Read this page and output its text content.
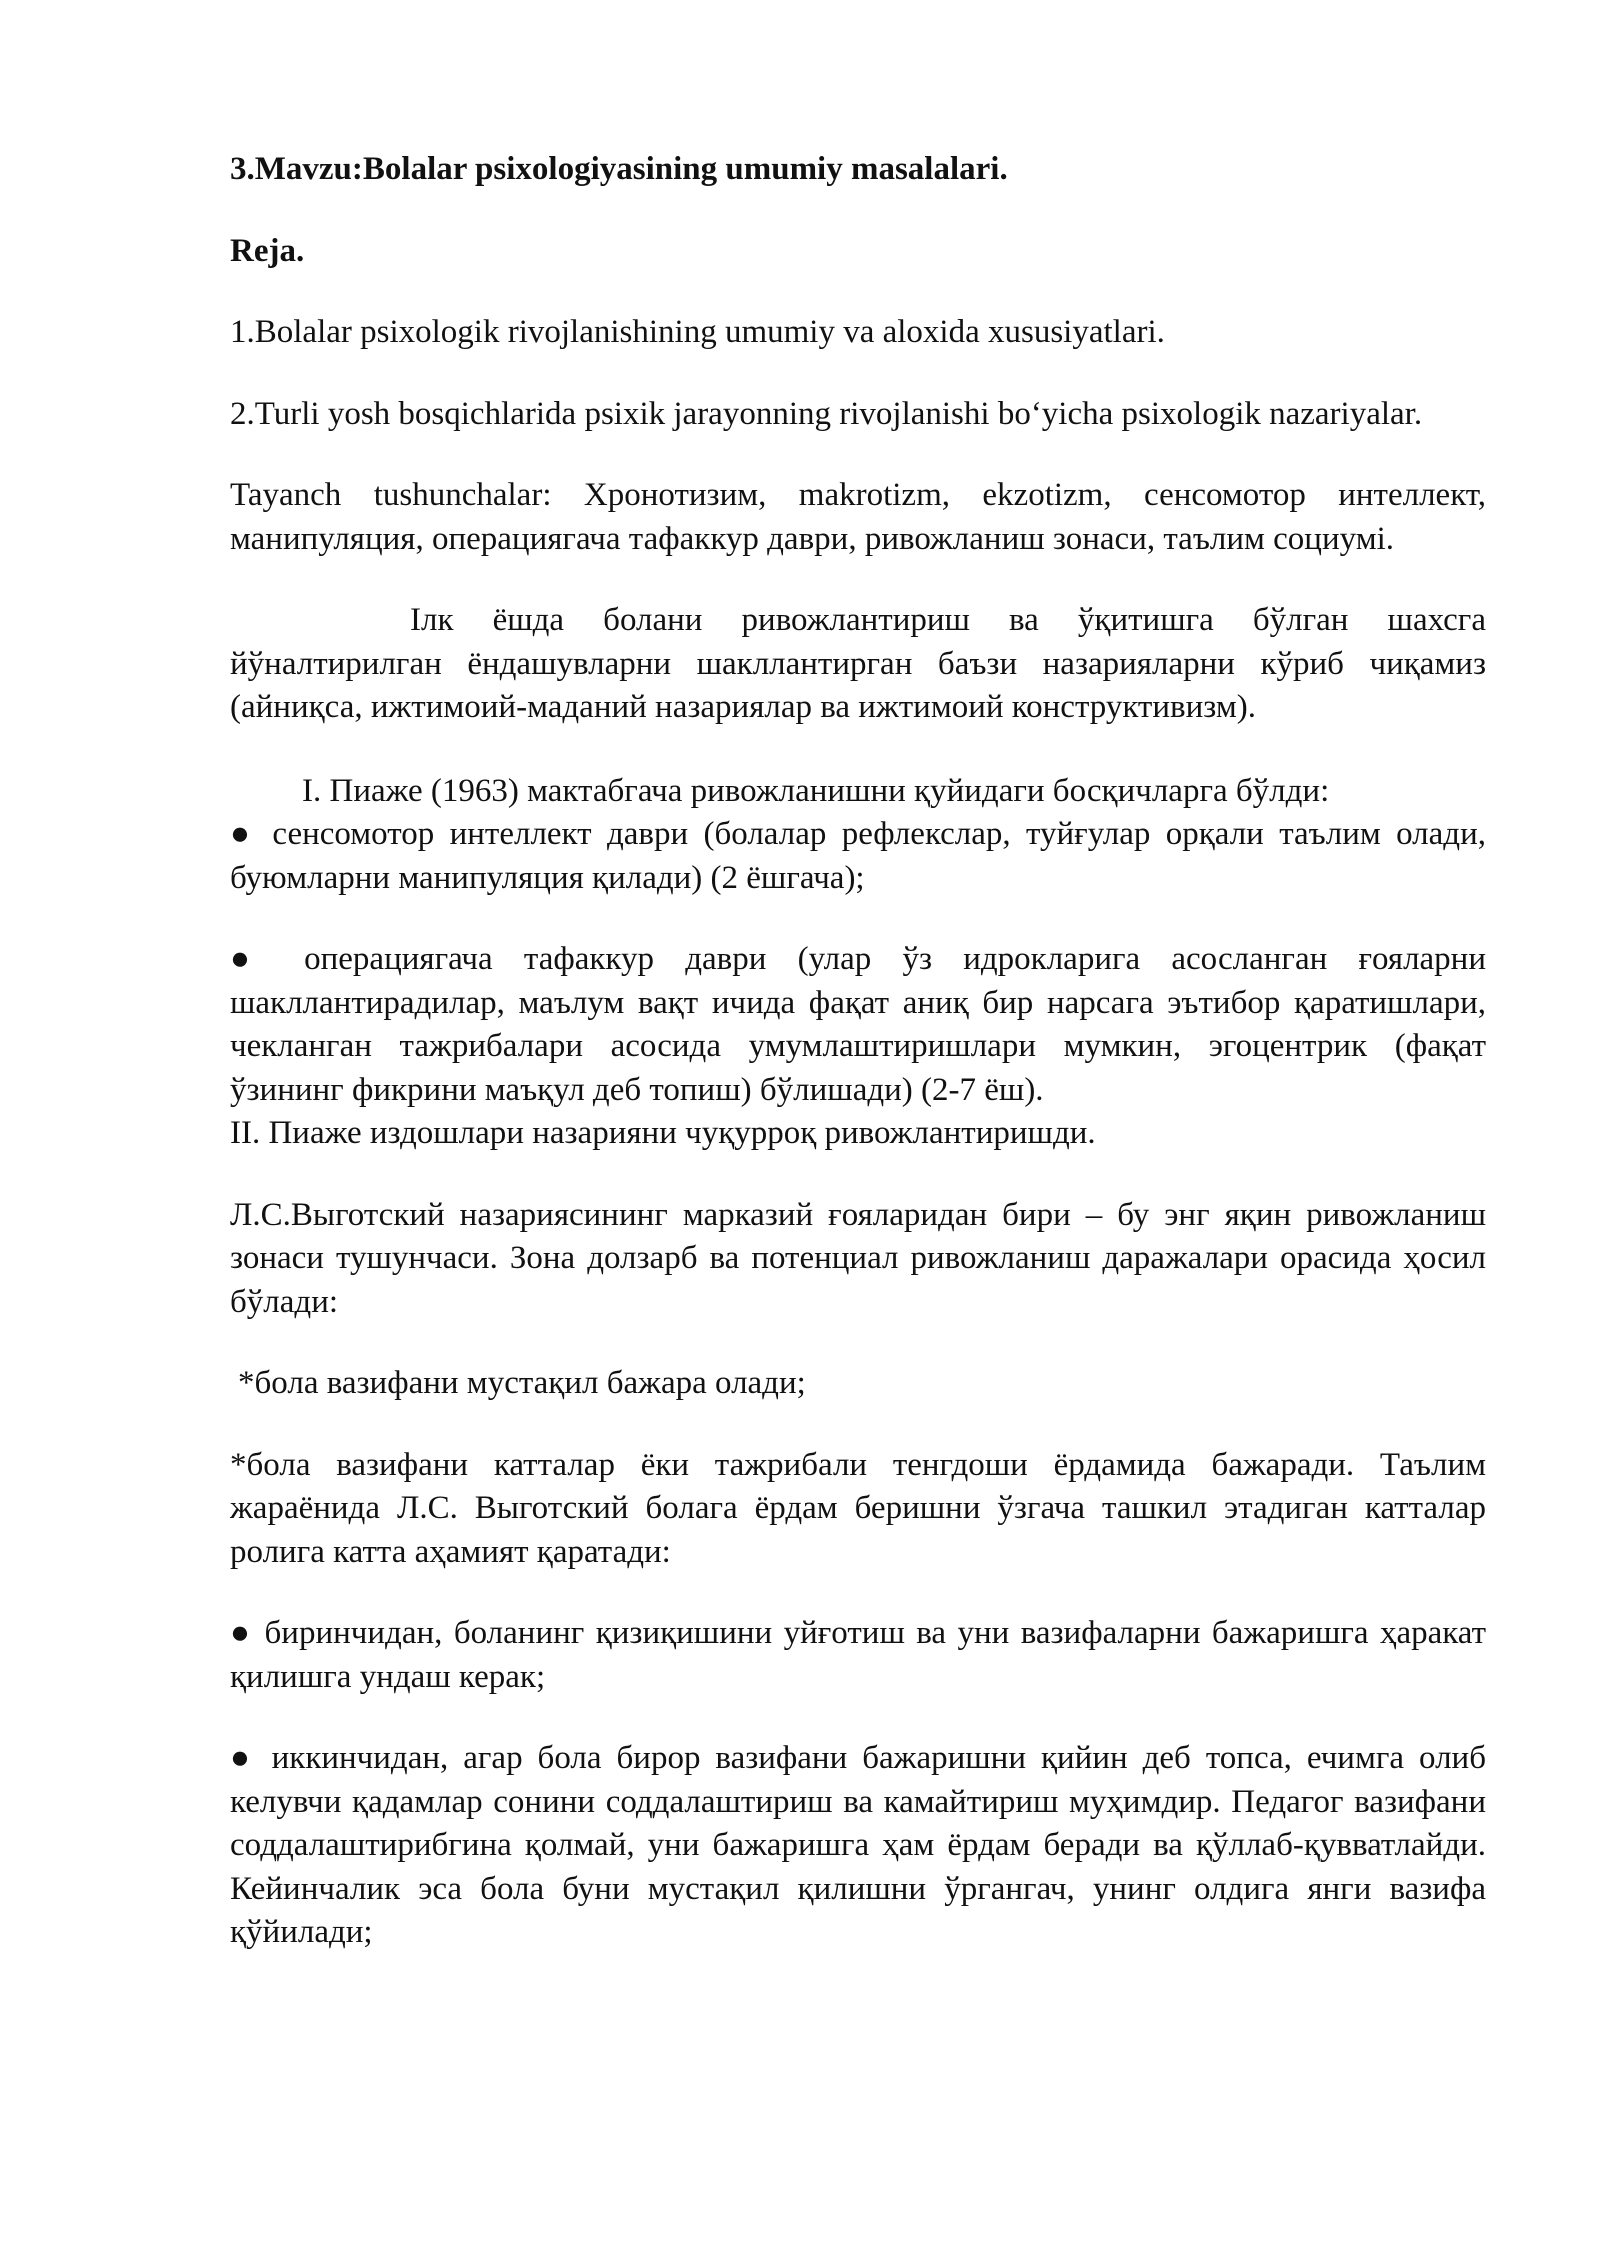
3.Mavzu:Bolalar psixologiyasining umumiy masalalari.

Reja.

1.Bolalar psixologik rivojlanishining umumiy va aloxida xususiyatlari.

2.Turli yosh bosqichlarida psixik jarayonning rivojlanishi bo‘yicha psixologik nazariyalar.

Tayanch tushunchalar: Хронотизим, makrotizm, ekzotizm, сенсомотор интеллект, манипуляция, операциягача тафаккур даври, ривожланиш зонаси, таълим социумі.

Ілк ёшда болани ривожлантириш ва ўқитишга бўлган шахсга йўналтирилган ёндашувларни шакллантирган баъзи назарияларни кўриб чиқамиз (айниқса, ижтимоий-маданий назариялар ва ижтимоий конструктивизм).

I. Пиаже (1963) мактабгача ривожланишни қуйидаги босқичларга бўлди:
● сенсомотор интеллект даври (болалар рефлекслар, туйғулар орқали таълим олади, буюмларни манипуляция қилади) (2 ёшгача);

● операциягача тафаккур даври (улар ўз идрокларига асосланган ғояларни шакллантирадилар, маълум вақт ичида фақат аниқ бир нарсага эътибор қаратишлари, чекланган тажрибалари асосида умумлаштиришлари мумкин, эгоцентрик (фақат ўзининг фикрини маъқул деб топиш) бўлишади) (2-7 ёш).
II. Пиаже издошлари назарияни чуқурроқ ривожлантиришди.

Л.С.Выготский назариясининг марказий ғояларидан бири – бу энг яқин ривожланиш зонаси тушунчаси. Зона долзарб ва потенциал ривожланиш даражалари орасида ҳосил бўлади:

*бола вазифани мустақил бажара олади;

*бола вазифани катталар ёки тажрибали тенгдоши ёрдамида бажаради. Таълим жараёнида Л.С. Выготский болага ёрдам беришни ўзгача ташкил этадиган катталар ролига катта аҳамият қаратади:

● биринчидан, боланинг қизиқишини уйғотиш ва уни вазифаларни бажаришга ҳаракат қилишга ундаш керак;

● иккинчидан, агар бола бирор вазифани бажаришни қийин деб топса, ечимга олиб келувчи қадамлар сонини соддалаштириш ва камайтириш муҳимдир. Педагог вазифани соддалаштирибгина қолмай, уни бажаришга ҳам ёрдам беради ва қўллаб-қувватлайди. Кейинчалик эса бола буни мустақил қилишни ўргангач, унинг олдига янги вазифа қўйилади;
